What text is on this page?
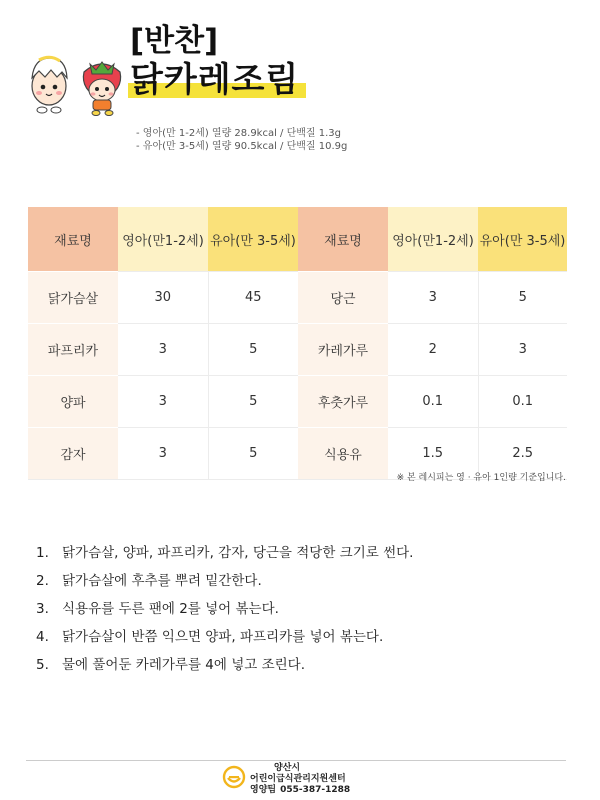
[반찬]
닭카레조림
- 영아(만 1-2세) 열량 28.9kcal / 단백질 1.3g
- 유아(만 3-5세) 열량 90.5kcal / 단백질 10.9g
재료명	영아(만1-2세)	유아(만 3-5세)	재료명	영아(만1-2세)	유아(만 3-5세)
닭가슴살	30	45	당근	3	5
파프리카	3	5	카레가루	2	3
양파	3	5	후춧가루	0.1	0.1
감자	3	5	식용유	1.5	2.5
※ 본 레시피는 영 · 유아 1인량 기준입니다.
1. 닭가슴살, 양파, 파프리카, 감자, 당근을 적당한 크기로 썬다.
2. 닭가슴살에 후추를 뿌려 밑간한다.
3. 식용유를 두른 팬에 2를 넣어 볶는다.
4. 닭가슴살이 반쯤 익으면 양파, 파프리카를 넣어 볶는다.
5. 물에 풀어둔 카레가루를 4에 넣고 조린다.
양산시
어린이급식관리지원센터
영양팀 055-387-1288
